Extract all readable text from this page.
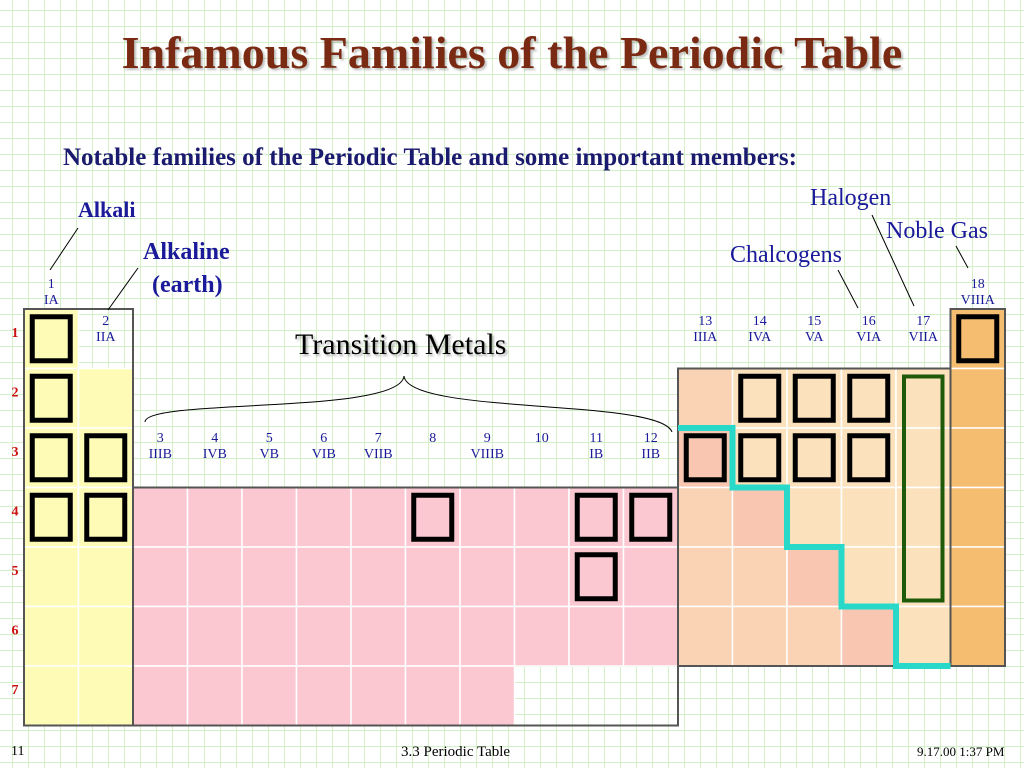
Infamous Families of the Periodic Table
Notable families of the Periodic Table and some important members:
Alkali
Alkaline
(earth)
Transition Metals
Halogen
Noble Gas
Chalcogens
1
IA
2
IIA
3
IIIB
4
IVB
5
VB
6
VIB
7
VIIB
8	9
VIIIB
10	11
IB
12
IIB
13
IIIA
14
IVA
15
VA
16
VIA
17
VIIA
18
VIIIA
1
2
3
4
5
6
7
11	3.3 Periodic Table	9.17.00 1:37 PM
